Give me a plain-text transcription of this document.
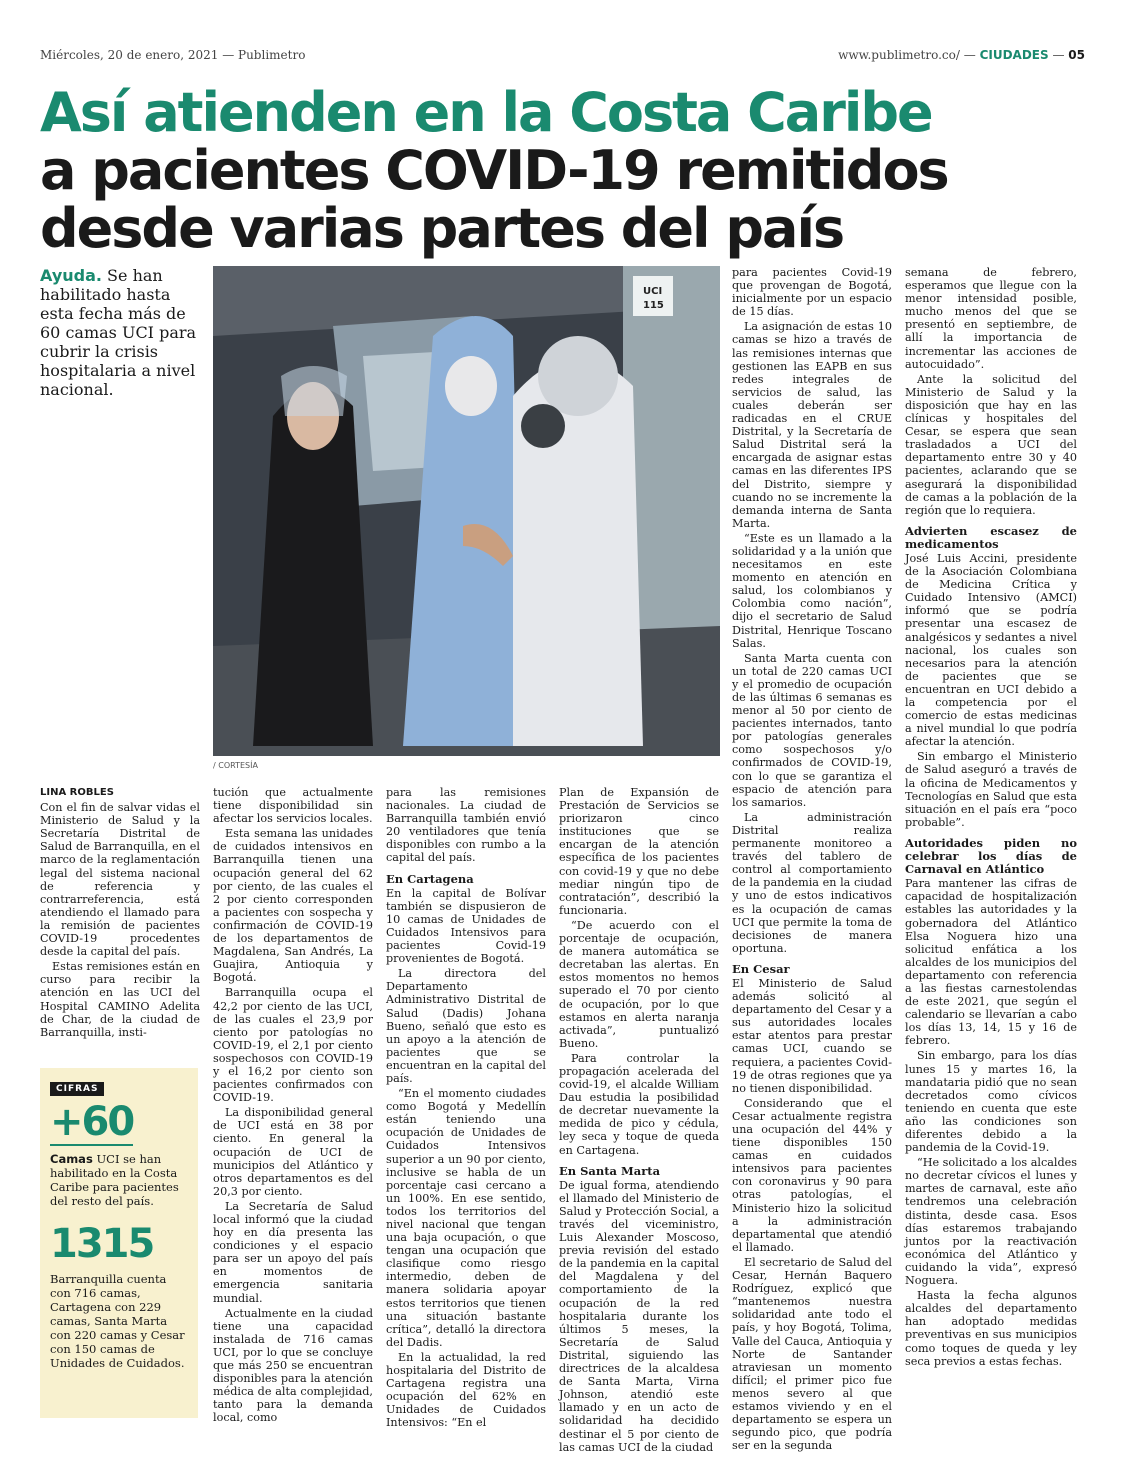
Miércoles, 20 de enero, 2021 — Publimetro	www.publimetro.co/ — CIUDADES — 05
Así atienden en la Costa Caribe
a pacientes COVID-19 remitidos
desde varias partes del país
Ayuda. Se han habilitado hasta esta fecha más de 60 camas UCI para cubrir la crisis hospitalaria a nivel nacional.
UCI
115
/ CORTESÍA

LINA ROBLES

Con el fin de salvar vidas el Ministerio de Salud y la Secretaría Distrital de Salud de Barranquilla, en el marco de la reglamentación legal del sistema nacional de referencia y contrarreferencia, está atendiendo el llamado para la remisión de pacientes COVID-19 procedentes desde la capital del país.

Estas remisiones están en curso para recibir la atención en las UCI del Hospital CAMINO Adelita de Char, de la ciudad de Barranquilla, insti-

CIFRAS
+60
Camas UCI se han habilitado en la Costa Caribe para pacientes del resto del país.
1315
Barranquilla cuenta con 716 camas, Cartagena con 229 camas, Santa Marta con 220 camas y Cesar con 150 camas de Unidades de Cuidados.

tución que actualmente tiene disponibilidad sin afectar los servicios locales.

Esta semana las unidades de cuidados intensivos en Barranquilla tienen una ocupación general del 62 por ciento, de las cuales el 2 por ciento corresponden a pacientes con sospecha y confirmación de COVID-19 de los departamentos de Magdalena, San Andrés, La Guajira, Antioquia y Bogotá.

Barranquilla ocupa el 42,2 por ciento de las UCI, de las cuales el 23,9 por ciento por patologías no COVID-19, el 2,1 por ciento sospechosos con COVID-19 y el 16,2 por ciento son pacientes confirmados con COVID-19.

La disponibilidad general de UCI está en 38 por ciento. En general la ocupación de UCI de municipios del Atlántico y otros departamentos es del 20,3 por ciento.

La Secretaría de Salud local informó que la ciudad hoy en día presenta las condiciones y el espacio para ser un apoyo del país en momentos de emergencia sanitaria mundial.

Actualmente en la ciudad tiene una capacidad instalada de 716 camas UCI, por lo que se concluye que más 250 se encuentran disponibles para la atención médica de alta complejidad, tanto para la demanda local, como

para las remisiones nacionales. La ciudad de Barranquilla también envió 20 ventiladores que tenía disponibles con rumbo a la capital del país.

En Cartagena

En la capital de Bolívar también se dispusieron de 10 camas de Unidades de Cuidados Intensivos para pacientes Covid-19 provenientes de Bogotá.

La directora del Departamento Administrativo Distrital de Salud (Dadis) Johana Bueno, señaló que esto es un apoyo a la atención de pacientes que se encuentran en la capital del país.

“En el momento ciudades como Bogotá y Medellín están teniendo una ocupación de Unidades de Cuidados Intensivos superior a un 90 por ciento, inclusive se habla de un porcentaje casi cercano a un 100%. En ese sentido, todos los territorios del nivel nacional que tengan una baja ocupación, o que tengan una ocupación que clasifique como riesgo intermedio, deben de manera solidaria apoyar estos territorios que tienen una situación bastante crítica”, detalló la directora del Dadis.

En la actualidad, la red hospitalaria del Distrito de Cartagena registra una ocupación del 62% en Unidades de Cuidados Intensivos: “En el

Plan de Expansión de Prestación de Servicios se priorizaron cinco instituciones que se encargan de la atención específica de los pacientes con covid-19 y que no debe mediar ningún tipo de contratación”, describió la funcionaria.

“De acuerdo con el porcentaje de ocupación, de manera automática se decretaban las alertas. En estos momentos no hemos superado el 70 por ciento de ocupación, por lo que estamos en alerta naranja activada”, puntualizó Bueno.

Para controlar la propagación acelerada del covid-19, el alcalde William Dau estudia la posibilidad de decretar nuevamente la medida de pico y cédula, ley seca y toque de queda en Cartagena.

En Santa Marta

De igual forma, atendiendo el llamado del Ministerio de Salud y Protección Social, a través del viceministro, Luis Alexander Moscoso, previa revisión del estado de la pandemia en la capital del Magdalena y del comportamiento de la ocupación de la red hospitalaria durante los últimos 5 meses, la Secretaría de Salud Distrital, siguiendo las directrices de la alcaldesa de Santa Marta, Virna Johnson, atendió este llamado y en un acto de solidaridad ha decidido destinar el 5 por ciento de las camas UCI de la ciudad

para pacientes Covid-19 que provengan de Bogotá, inicialmente por un espacio de 15 días.

La asignación de estas 10 camas se hizo a través de las remisiones internas que gestionen las EAPB en sus redes integrales de servicios de salud, las cuales deberán ser radicadas en el CRUE Distrital, y la Secretaría de Salud Distrital será la encargada de asignar estas camas en las diferentes IPS del Distrito, siempre y cuando no se incremente la demanda interna de Santa Marta.

“Este es un llamado a la solidaridad y a la unión que necesitamos en este momento en atención en salud, los colombianos y Colombia como nación”, dijo el secretario de Salud Distrital, Henrique Toscano Salas.

Santa Marta cuenta con un total de 220 camas UCI y el promedio de ocupación de las últimas 6 semanas es menor al 50 por ciento de pacientes internados, tanto por patologías generales como sospechosos y/o confirmados de COVID-19, con lo que se garantiza el espacio de atención para los samarios.

La administración Distrital realiza permanente monitoreo a través del tablero de control al comportamiento de la pandemia en la ciudad y uno de estos indicativos es la ocupación de camas UCI que permite la toma de decisiones de manera oportuna.

En Cesar

El Ministerio de Salud además solicitó al departamento del Cesar y a sus autoridades locales estar atentos para prestar camas UCI, cuando se requiera, a pacientes Covid-19 de otras regiones que ya no tienen disponibilidad.

Considerando que el Cesar actualmente registra una ocupación del 44% y tiene disponibles 150 camas en cuidados intensivos para pacientes con coronavirus y 90 para otras patologías, el Ministerio hizo la solicitud a la administración departamental que atendió el llamado.

El secretario de Salud del Cesar, Hernán Baquero Rodríguez, explicó que “mantenemos nuestra solidaridad ante todo el país, y hoy Bogotá, Tolima, Valle del Cauca, Antioquia y Norte de Santander atraviesan un momento difícil; el primer pico fue menos severo al que estamos viviendo y en el departamento se espera un segundo pico, que podría ser en la segunda

semana de febrero, esperamos que llegue con la menor intensidad posible, mucho menos del que se presentó en septiembre, de allí la importancia de incrementar las acciones de autocuidado”.

Ante la solicitud del Ministerio de Salud y la disposición que hay en las clínicas y hospitales del Cesar, se espera que sean trasladados a UCI del departamento entre 30 y 40 pacientes, aclarando que se asegurará la disponibilidad de camas a la población de la región que lo requiera.

Advierten escasez de medicamentos

José Luis Accini, presidente de la Asociación Colombiana de Medicina Crítica y Cuidado Intensivo (AMCI) informó que se podría presentar una escasez de analgésicos y sedantes a nivel nacional, los cuales son necesarios para la atención de pacientes que se encuentran en UCI debido a la competencia por el comercio de estas medicinas a nivel mundial lo que podría afectar la atención.

Sin embargo el Ministerio de Salud aseguró a través de la oficina de Medicamentos y Tecnologías en Salud que esta situación en el país era “poco probable”.

Autoridades piden no celebrar los días de Carnaval en Atlántico

Para mantener las cifras de capacidad de hospitalización estables las autoridades y la gobernadora del Atlántico Elsa Noguera hizo una solicitud enfática a los alcaldes de los municipios del departamento con referencia a las fiestas carnestolendas de este 2021, que según el calendario se llevarían a cabo los días 13, 14, 15 y 16 de febrero.

Sin embargo, para los días lunes 15 y martes 16, la mandataria pidió que no sean decretados como cívicos teniendo en cuenta que este año las condiciones son diferentes debido a la pandemia de la Covid-19.

“He solicitado a los alcaldes no decretar cívicos el lunes y martes de carnaval, este año tendremos una celebración distinta, desde casa. Esos días estaremos trabajando juntos por la reactivación económica del Atlántico y cuidando la vida”, expresó Noguera.

Hasta la fecha algunos alcaldes del departamento han adoptado medidas preventivas en sus municipios como toques de queda y ley seca previos a estas fechas.
